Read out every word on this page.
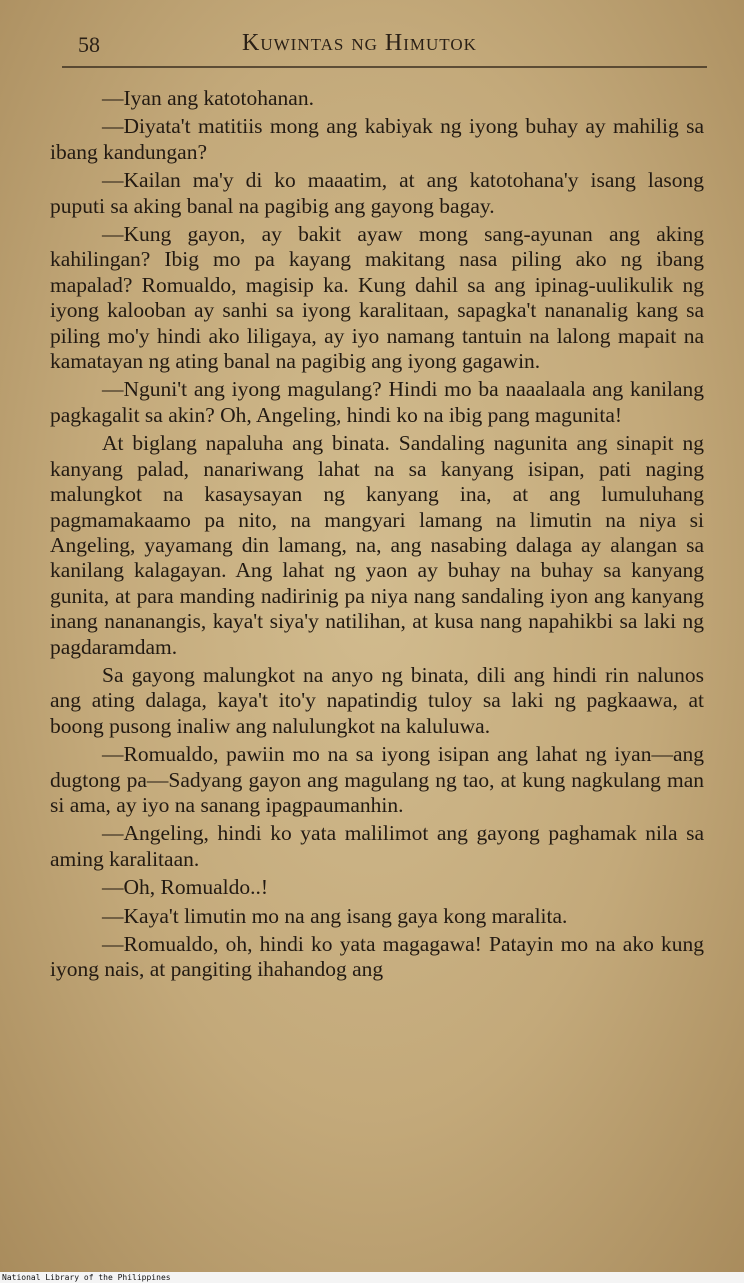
58	Kuwintas ng Himutok

—Iyan ang katotohanan.

—Diyata't matitiis mong ang kabiyak ng iyong buhay ay mahilig sa ibang kandungan?

—Kailan ma'y di ko maaatim, at ang katotohana'y isang lasong puputi sa aking banal na pagibig ang gayong bagay.

—Kung gayon, ay bakit ayaw mong sang-ayunan ang aking kahilingan? Ibig mo pa kayang makitang nasa piling ako ng ibang mapalad? Romualdo, magisip ka. Kung dahil sa ang ipinag-uulikulik ng iyong kalooban ay sanhi sa iyong karalitaan, sapagka't nananalig kang sa piling mo'y hindi ako liligaya, ay iyo namang tantuin na lalong mapait na kamatayan ng ating banal na pagibig ang iyong gagawin.

—Nguni't ang iyong magulang? Hindi mo ba naaalaala ang kanilang pagkagalit sa akin? Oh, Angeling, hindi ko na ibig pang magunita!

At biglang napaluha ang binata. Sandaling nagunita ang sinapit ng kanyang palad, nanariwang lahat na sa kanyang isipan, pati naging malungkot na kasaysayan ng kanyang ina, at ang lumuluhang pagmamakaamo pa nito, na mangyari lamang na limutin na niya si Angeling, yayamang din lamang, na, ang nasabing dalaga ay alangan sa kanilang kalagayan. Ang lahat ng yaon ay buhay na buhay sa kanyang gunita, at para manding nadirinig pa niya nang sandaling iyon ang kanyang inang nananangis, kaya't siya'y natilihan, at kusa nang napahikbi sa laki ng pagdaramdam.

Sa gayong malungkot na anyo ng binata, dili ang hindi rin nalunos ang ating dalaga, kaya't ito'y napatindig tuloy sa laki ng pagkaawa, at boong pusong inaliw ang nalulungkot na kaluluwa.

—Romualdo, pawiin mo na sa iyong isipan ang lahat ng iyan—ang dugtong pa—Sadyang gayon ang magulang ng tao, at kung nagkulang man si ama, ay iyo na sanang ipagpaumanhin.

—Angeling, hindi ko yata malilimot ang gayong paghamak nila sa aming karalitaan.

—Oh, Romualdo..!

—Kaya't limutin mo na ang isang gaya kong maralita.

—Romualdo, oh, hindi ko yata magagawa! Patayin mo na ako kung iyong nais, at pangiting ihahandog ang

National Library of the Philippines
